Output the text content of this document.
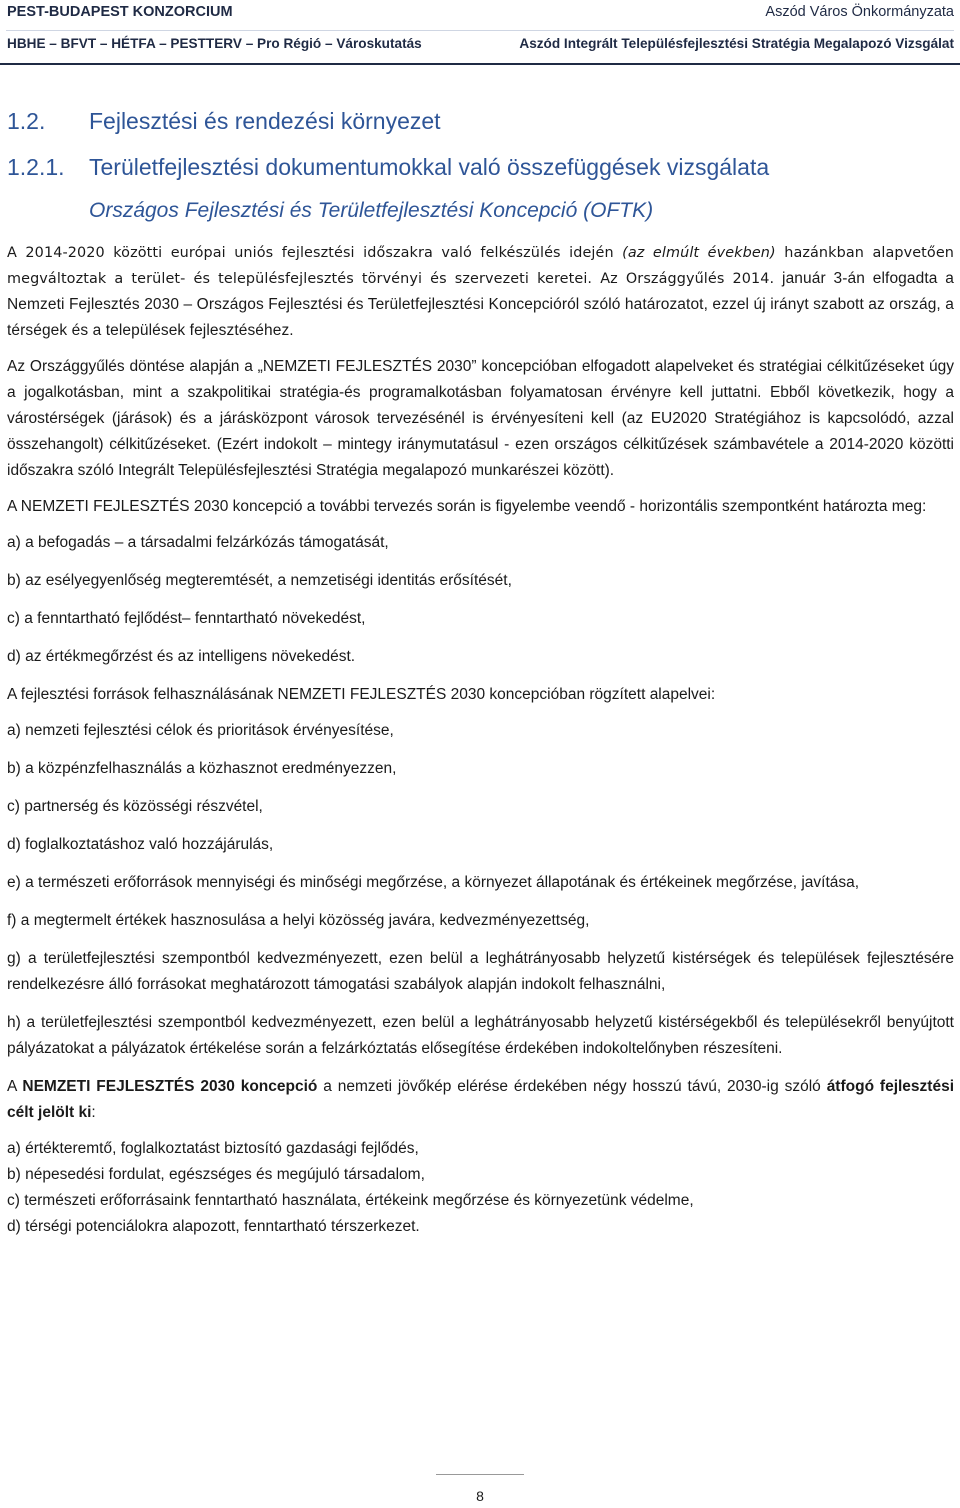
PEST-BUDAPEST KONZORCIUM	Aszód Város Önkormányzata
HBHE – BFVT – HÉTFA – PESTTERV – Pro Régió – Városkutatás	Aszód Integrált Településfejlesztési Stratégia Megalapozó Vizsgálat
1.2. Fejlesztési és rendezési környezet
1.2.1. Területfejlesztési dokumentumokkal való összefüggések vizsgálata
Országos Fejlesztési és Területfejlesztési Koncepció (OFTK)

A 2014-2020 közötti európai uniós fejlesztési időszakra való felkészülés idején (az elmúlt években) hazánkban alapvetően megváltoztak a terület- és településfejlesztés törvényi és szervezeti keretei. Az Országgyűlés 2014. január 3-án elfogadta a Nemzeti Fejlesztés 2030 – Országos Fejlesztési és Területfejlesztési Koncepcióról szóló határozatot, ezzel új irányt szabott az ország, a térségek és a települések fejlesztéséhez.

Az Országgyűlés döntése alapján a „NEMZETI FEJLESZTÉS 2030” koncepcióban elfogadott alapelveket és stratégiai célkitűzéseket úgy a jogalkotásban, mint a szakpolitikai stratégia-és programalkotásban folyamatosan érvényre kell juttatni. Ebből következik, hogy a várostérségek (járások) és a járásközpont városok tervezésénél is érvényesíteni kell (az EU2020 Stratégiához is kapcsolódó, azzal összehangolt) célkitűzéseket. (Ezért indokolt – mintegy iránymutatásul - ezen országos célkitűzések számbavétele a 2014-2020 közötti időszakra szóló Integrált Településfejlesztési Stratégia megalapozó munkarészei között).

A NEMZETI FEJLESZTÉS 2030 koncepció a további tervezés során is figyelembe veendő - horizontális szempontként határozta meg:

a) a befogadás – a társadalmi felzárkózás támogatását,
b) az esélyegyenlőség megteremtését, a nemzetiségi identitás erősítését,
c) a fenntartható fejlődést– fenntartható növekedést,
d) az értékmegőrzést és az intelligens növekedést.

A fejlesztési források felhasználásának NEMZETI FEJLESZTÉS 2030 koncepcióban rögzített alapelvei:

a) nemzeti fejlesztési célok és prioritások érvényesítése,
b) a közpénzfelhasználás a közhasznot eredményezzen,
c) partnerség és közösségi részvétel,
d) foglalkoztatáshoz való hozzájárulás,
e) a természeti erőforrások mennyiségi és minőségi megőrzése, a környezet állapotának és értékeinek megőrzése, javítása,
f) a megtermelt értékek hasznosulása a helyi közösség javára, kedvezményezettség,
g) a területfejlesztési szempontból kedvezményezett, ezen belül a leghátrányosabb helyzetű kistérségek és települések fejlesztésére rendelkezésre álló forrásokat meghatározott támogatási szabályok alapján indokolt felhasználni,
h) a területfejlesztési szempontból kedvezményezett, ezen belül a leghátrányosabb helyzetű kistérségekből és településekről benyújtott pályázatokat a pályázatok értékelése során a felzárkóztatás elősegítése érdekében indokoltelőnyben részesíteni.

A NEMZETI FEJLESZTÉS 2030 koncepció a nemzeti jövőkép elérése érdekében négy hosszú távú, 2030-ig szóló átfogó fejlesztési célt jelölt ki:

a) értékteremtő, foglalkoztatást biztosító gazdasági fejlődés,
b) népesedési fordulat, egészséges és megújuló társadalom,
c) természeti erőforrásaink fenntartható használata, értékeink megőrzése és környezetünk védelme,
d) térségi potenciálokra alapozott, fenntartható térszerkezet.
8
